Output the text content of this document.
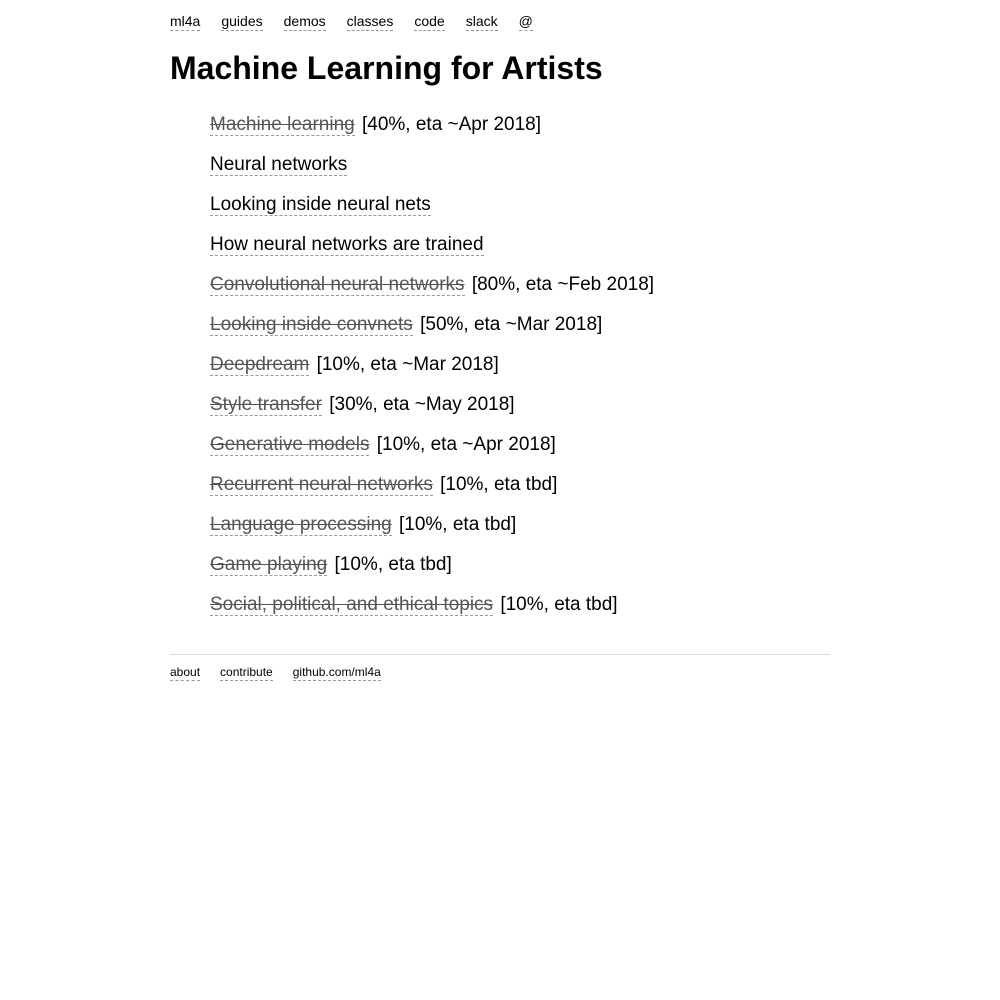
ml4a guides demos classes code slack @
Machine Learning for Artists
Machine learning [40%, eta ~Apr 2018]
Neural networks
Looking inside neural nets
How neural networks are trained
Convolutional neural networks [80%, eta ~Feb 2018]
Looking inside convnets [50%, eta ~Mar 2018]
Deepdream [10%, eta ~Mar 2018]
Style transfer [30%, eta ~May 2018]
Generative models [10%, eta ~Apr 2018]
Recurrent neural networks [10%, eta tbd]
Language processing [10%, eta tbd]
Game playing [10%, eta tbd]
Social, political, and ethical topics [10%, eta tbd]
about contribute github.com/ml4a
